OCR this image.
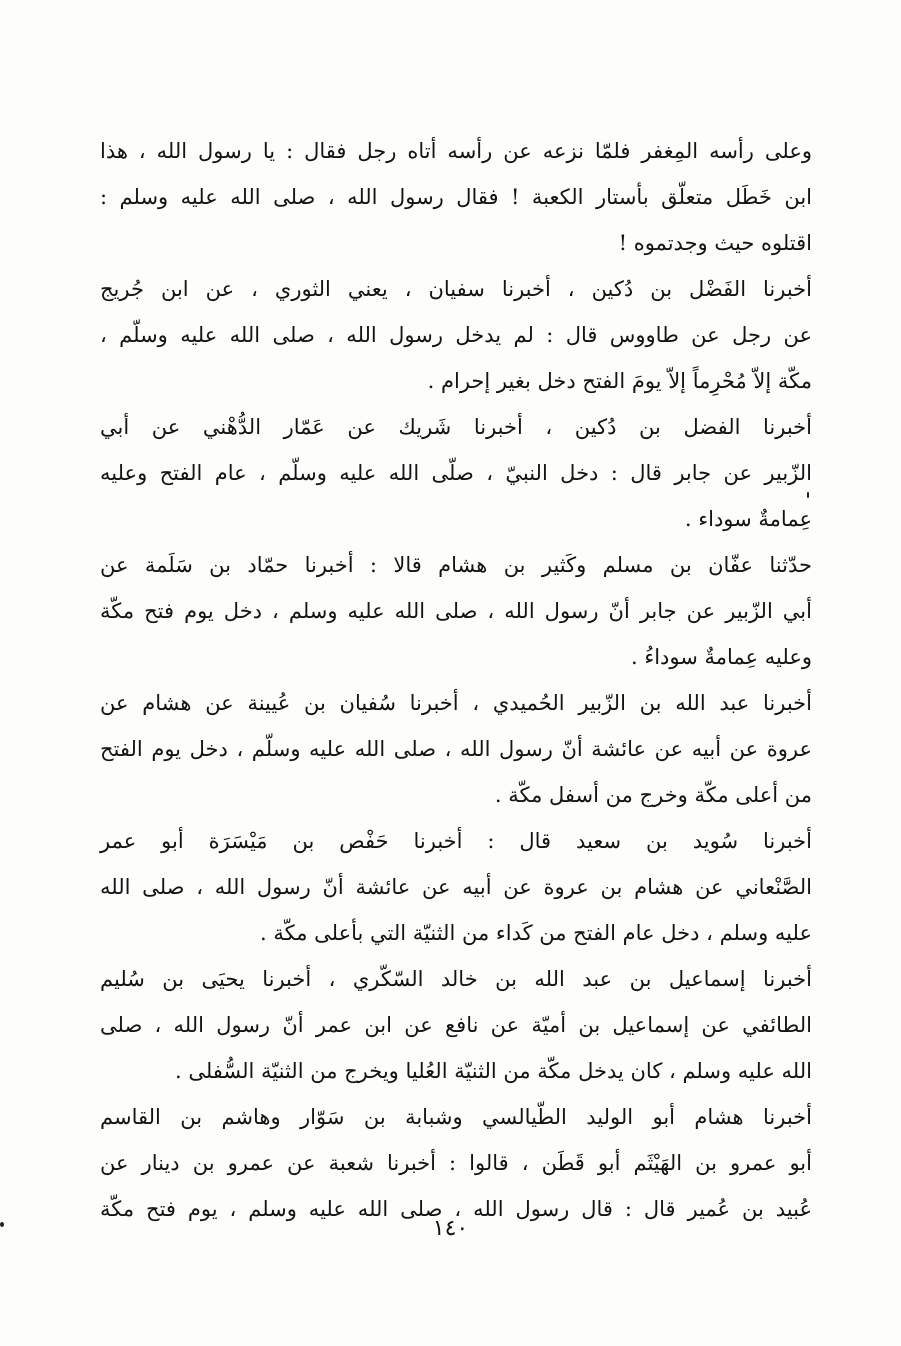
وعلى رأسه المِغفر فلمّا نزعه عن رأسه أتاه رجل فقال : يا رسول الله ، هذا
ابن خَطَل متعلّق بأستار الكعبة ! فقال رسول الله ، صلى الله عليه وسلم :
اقتلوه حيث وجدتموه !
أخبرنا الفَضْل بن دُكين ، أخبرنا سفيان ، يعني الثوري ، عن ابن جُريج
عن رجل عن طاووس قال : لم يدخل رسول الله ، صلى الله عليه وسلّم ،
مكّة إلاّ مُحْرِماً إلاّ يومَ الفتح دخل بغير إحرام .
أخبرنا الفضل بن دُكين ، أخبرنا شَريك عن عَمّار الدُّهْني عن أبي
الزّبير عن جابر قال : دخل النبيّ ، صلّى الله عليه وسلّم ، عام الفتح وعليه
عِمامةٌ سوداء .
حدّثنا عفّان بن مسلم وكَثير بن هشام قالا : أخبرنا حمّاد بن سَلَمة عن
أبي الزّبير عن جابر أنّ رسول الله ، صلى الله عليه وسلم ، دخل يوم فتح مكّة
وعليه عِمامةٌ سوداءُ .
أخبرنا عبد الله بن الزّبير الحُميدي ، أخبرنا سُفيان بن عُيينة عن هشام عن
عروة عن أبيه عن عائشة أنّ رسول الله ، صلى الله عليه وسلّم ، دخل يوم الفتح
من أعلى مكّة وخرج من أسفل مكّة .
أخبرنا سُويد بن سعيد قال : أخبرنا حَفْص بن مَيْسَرَة أبو عمر
الصَّنْعاني عن هشام بن عروة عن أبيه عن عائشة أنّ رسول الله ، صلى الله
عليه وسلم ، دخل عام الفتح من كَداء من الثنيّة التي بأعلى مكّة .
أخبرنا إسماعيل بن عبد الله بن خالد السّكّري ، أخبرنا يحيَى بن سُليم
الطائفي عن إسماعيل بن أميّة عن نافع عن ابن عمر أنّ رسول الله ، صلى
الله عليه وسلم ، كان يدخل مكّة من الثنيّة العُليا ويخرج من الثنيّة السُّفلى .
أخبرنا هشام أبو الوليد الطّيالسي وشبابة بن سَوّار وهاشم بن القاسم
أبو عمرو بن الهَيْثَم أبو قَطَن ، قالوا : أخبرنا شعبة عن عمرو بن دينار عن
عُبيد بن عُمير قال : قال رسول الله ، صلى الله عليه وسلم ، يوم فتح مكّة
١٤٠
